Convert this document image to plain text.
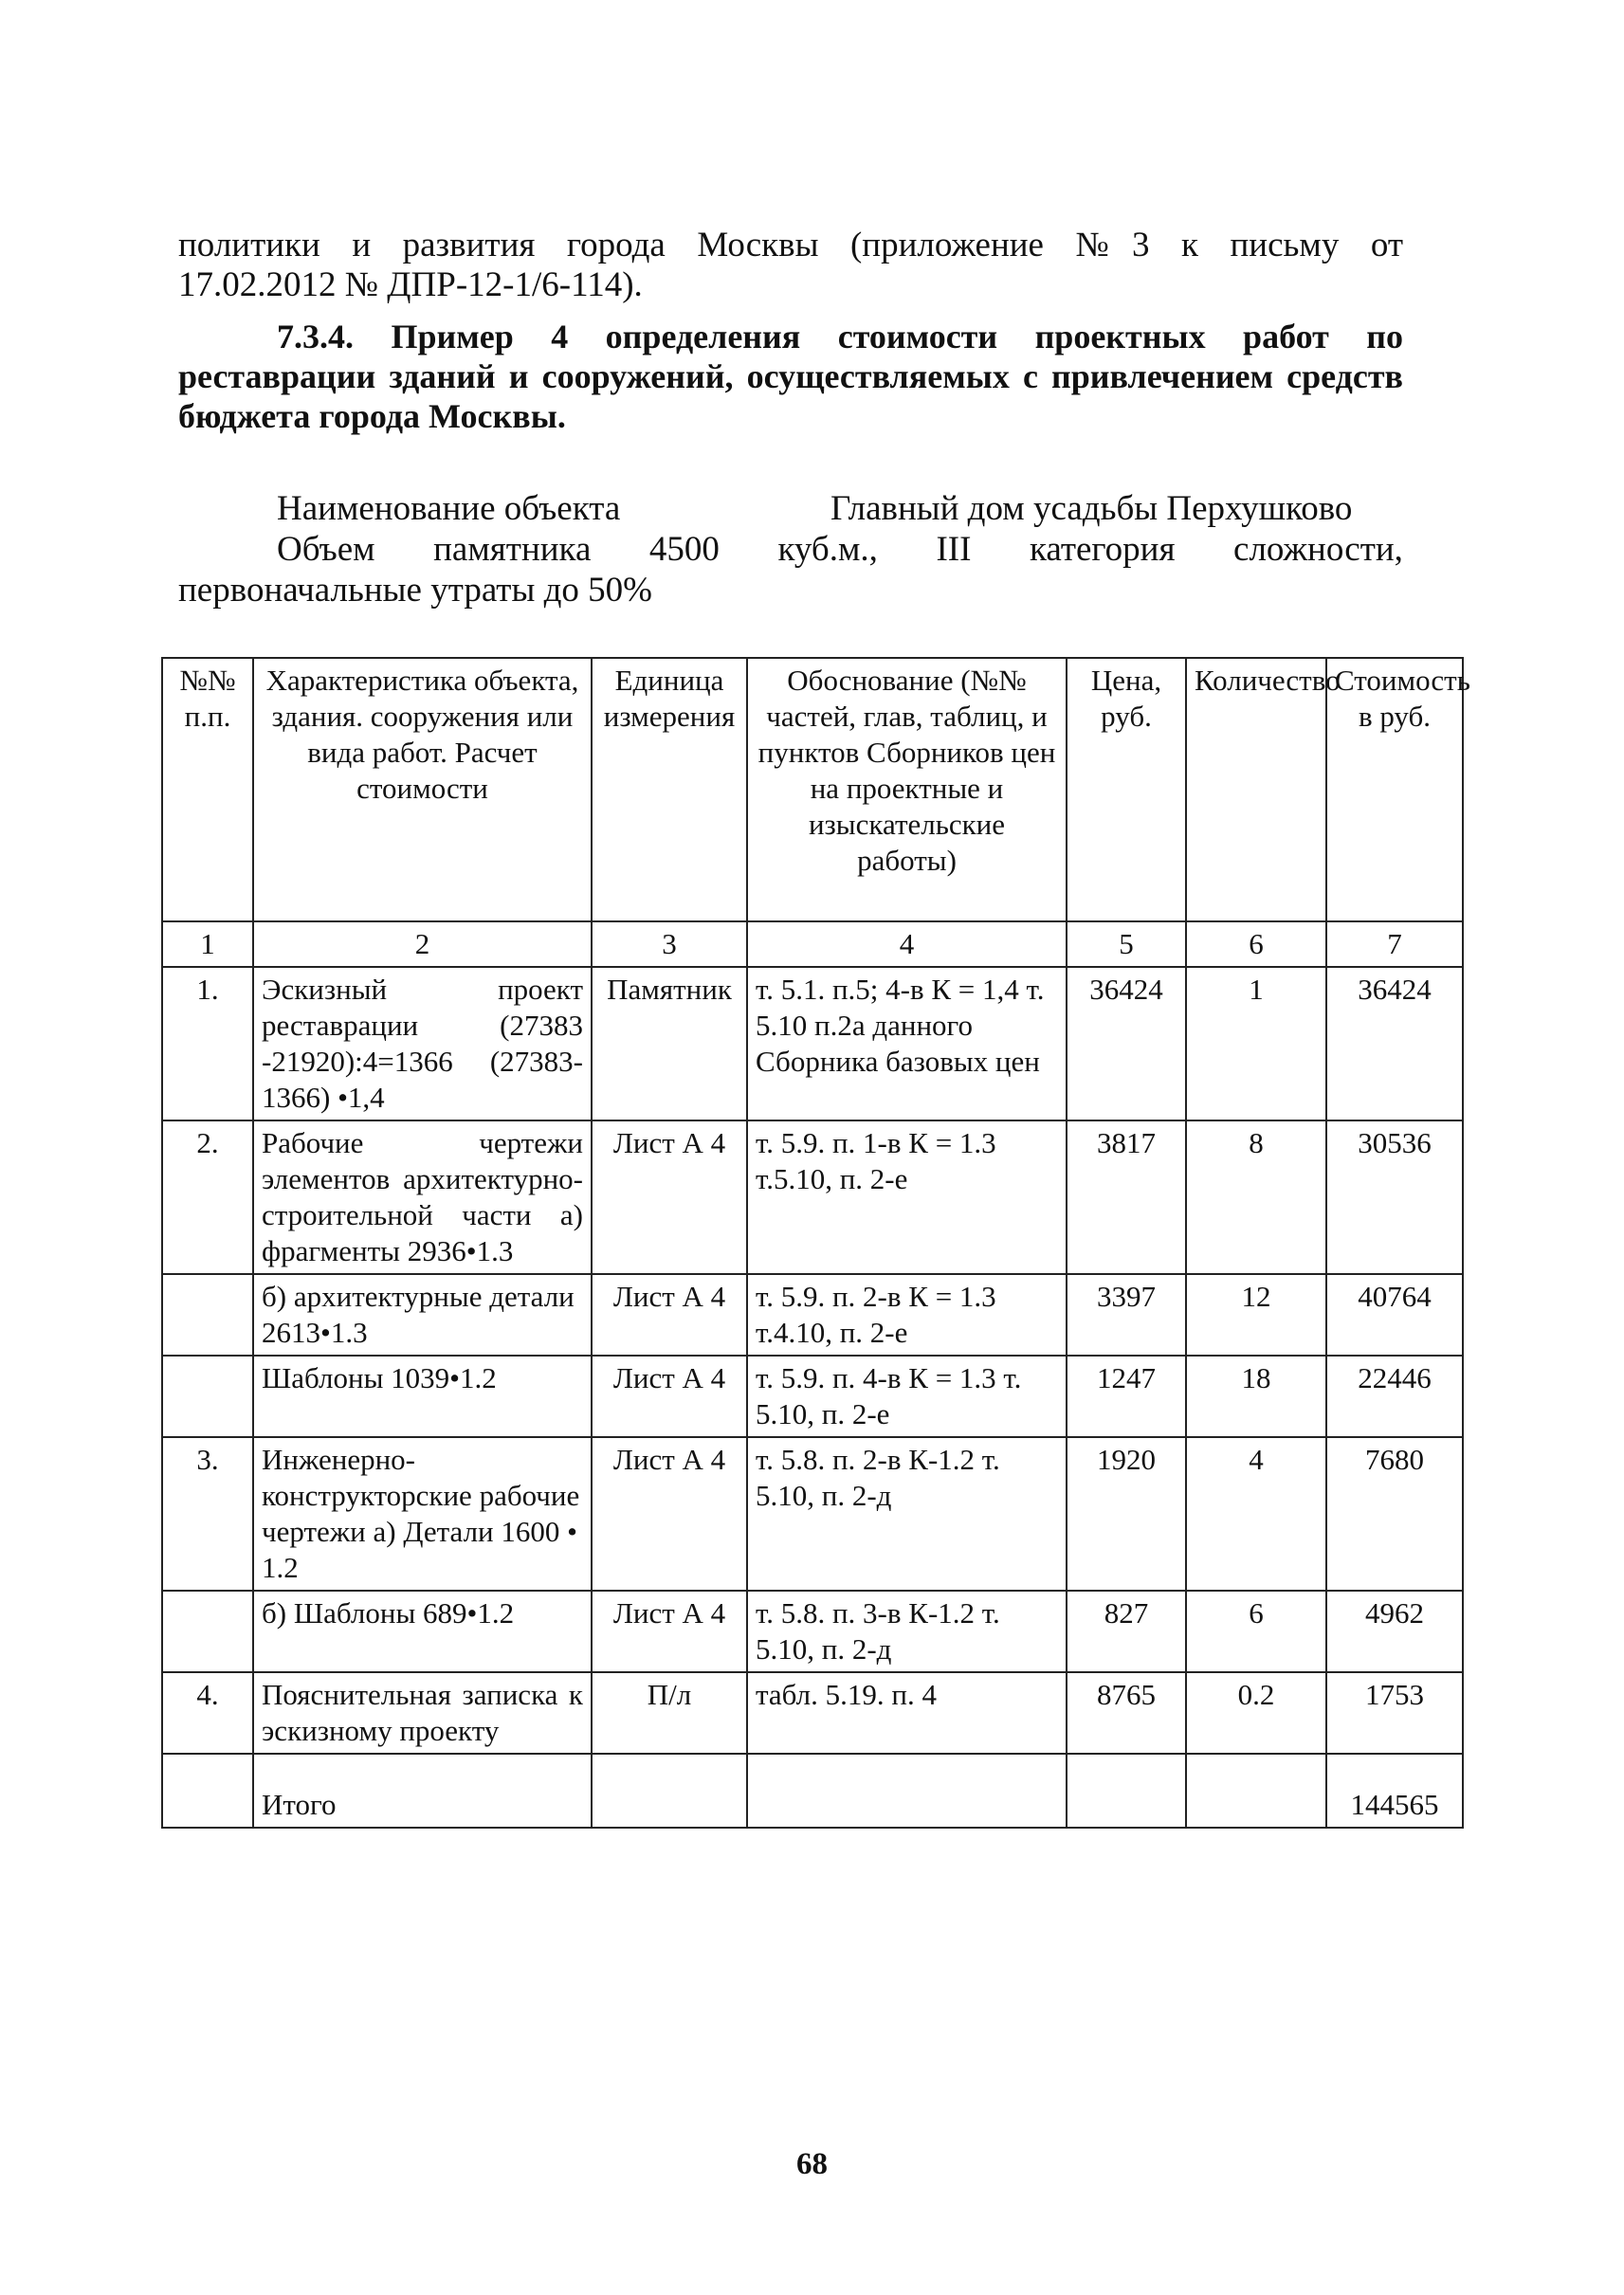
политики и развития города Москвы (приложение №3 к письму от

17.02.2012 № ДПР-12-1/6-114).

7.3.4. Пример 4 определения стоимости проектных работ по реставрации зданий и сооружений, осуществляемых с привлечением средств бюджета города Москвы.
Наименование объекта	Главный дом усадьбы Перхушково
Объем памятника 4500 куб.м., III категория сложности,
первоначальные утраты до 50%
№№ п.п.	Характеристика объекта, здания. сооружения или вида работ. Расчет стоимости	Единица измерения	Обоснование (№№ частей, глав, таблиц, и пунктов Сборников цен на проектные и изыскательские работы)	Цена, руб.	Количество	Стоимость в руб.
1	2	3	4	5	6	7
1.	Эскизный проект реставрации (27383 -21920):4=1366 (27383-1366) •1,4	Памятник	т. 5.1. п.5; 4-в К = 1,4 т. 5.10 п.2а данного Сборника базовых цен	36424	1	36424
2.	Рабочие чертежи элементов архитектурно-строительной части а) фрагменты 2936•1.3	Лист А 4	т. 5.9. п. 1-в К = 1.3 т.5.10, п. 2-е	3817	8	30536
	б) архитектурные детали 2613•1.3	Лист А 4	т. 5.9. п. 2-в К = 1.3 т.4.10, п. 2-е	3397	12	40764
	Шаблоны 1039•1.2	Лист А 4	т. 5.9. п. 4-в К = 1.3 т. 5.10, п. 2-е	1247	18	22446
3.	Инженерно-конструкторские рабочие чертежи а) Детали 1600 • 1.2	Лист А 4	т. 5.8. п. 2-в К-1.2 т. 5.10, п. 2-д	1920	4	7680
	б) Шаблоны 689•1.2	Лист А 4	т. 5.8. п. 3-в К-1.2 т. 5.10, п. 2-д	827	6	4962
4.	Пояснительная записка к эскизному проекту	П/л	табл. 5.19. п. 4	8765	0.2	1753
	Итого					144565
68
